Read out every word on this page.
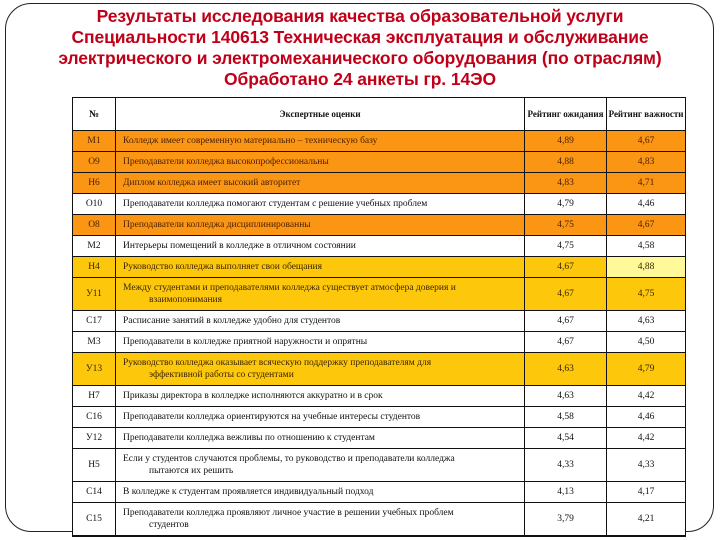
Результаты исследования качества образовательной услуги
Специальности 140613 Техническая эксплуатация и обслуживание
электрического и электромеханического оборудования (по отраслям)
Обработано 24 анкеты гр. 14ЭО
№	Экспертные оценки	Рейтинг ожидания	Рейтинг важности
М1	Колледж имеет современную материально – техническую базу	4,89	4,67
О9	Преподаватели колледжа высокопрофессиональны	4,88	4,83
Н6	Диплом колледжа имеет высокий авторитет	4,83	4,71
О10	Преподаватели колледжа помогают студентам с решение учебных проблем	4,79	4,46
О8	Преподаватели колледжа дисциплинированны	4,75	4,67
М2	Интерьеры помещений в колледже в отличном состоянии	4,75	4,58
Н4	Руководство колледжа выполняет свои обещания	4,67	4,88
У11	Между студентами и преподавателями колледжа существует атмосфера доверия и
взаимопонимания	4,67	4,75
С17	Расписание занятий в колледже удобно для студентов	4,67	4,63
М3	Преподаватели в колледже приятной наружности и опрятны	4,67	4,50
У13	Руководство колледжа оказывает всяческую поддержку преподавателям для
эффективной работы со студентами	4,63	4,79
Н7	Приказы директора в колледже исполняются аккуратно и в срок	4,63	4,42
С16	Преподаватели колледжа ориентируются на учебные интересы студентов	4,58	4,46
У12	Преподаватели колледжа вежливы по отношению к студентам	4,54	4,42
Н5	Если у студентов случаются проблемы, то руководство и преподаватели колледжа
пытаются их решить	4,33	4,33
С14	В колледже к студентам проявляется индивидуальный подход	4,13	4,17
С15	Преподаватели колледжа проявляют личное участие в решении учебных проблем
студентов	3,79	4,21
